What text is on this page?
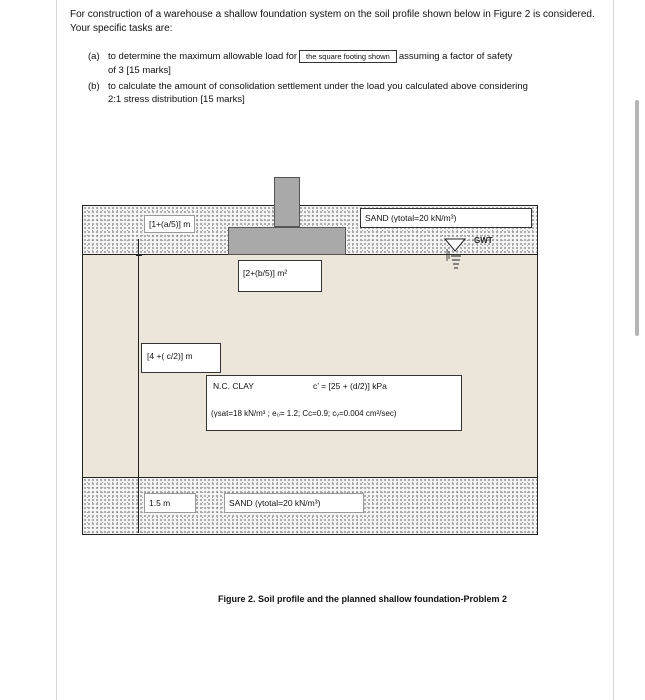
For construction of a warehouse a shallow foundation system on the soil profile shown below in Figure 2 is considered. Your specific tasks are:
(a) to determine the maximum allowable load for the square footing shown assuming a factor of safety
of 3 [15 marks]
(b) to calculate the amount of consolidation settlement under the load you calculated above considering
2:1 stress distribution [15 marks]
[1+(a/5)] m
SAND (γtotal=20 kN/m³)
GWT
[2+(b/5)] m²
[4 +( c/2)] m
N.C. CLAY	c’ = [25 + (d/2)] kPa
(γsat=18 kN/m³ ; e₀= 1.2; Cc=0.9; cᵥ=0.004 cm²/sec)
1.5 m	SAND (γtotal=20 kN/m³)
Figure 2. Soil profile and the planned shallow foundation-Problem 2
